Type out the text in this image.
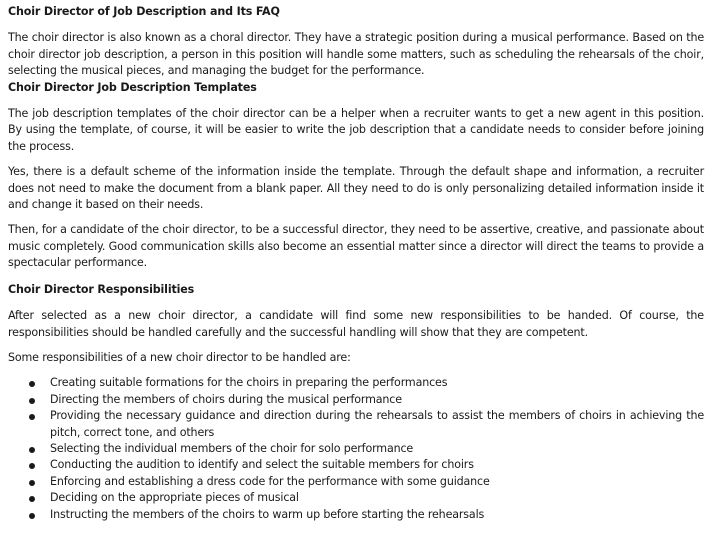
Choir Director of Job Description and Its FAQ

The choir director is also known as a choral director. They have a strategic position during a musical performance. Based on the choir director job description, a person in this position will handle some matters, such as scheduling the rehearsals of the choir, selecting the musical pieces, and managing the budget for the performance.

Choir Director Job Description Templates

The job description templates of the choir director can be a helper when a recruiter wants to get a new agent in this position. By using the template, of course, it will be easier to write the job description that a candidate needs to consider before joining the process.

Yes, there is a default scheme of the information inside the template. Through the default shape and information, a recruiter does not need to make the document from a blank paper. All they need to do is only personalizing detailed information inside it and change it based on their needs.

Then, for a candidate of the choir director, to be a successful director, they need to be assertive, creative, and passionate about music completely. Good communication skills also become an essential matter since a director will direct the teams to provide a spectacular performance.

Choir Director Responsibilities

After selected as a new choir director, a candidate will find some new responsibilities to be handed. Of course, the responsibilities should be handled carefully and the successful handling will show that they are competent.

Some responsibilities of a new choir director to be handled are:

Creating suitable formations for the choirs in preparing the performances
Directing the members of choirs during the musical performance
Providing the necessary guidance and direction during the rehearsals to assist the members of choirs in achieving the pitch, correct tone, and others
Selecting the individual members of the choir for solo performance
Conducting the audition to identify and select the suitable members for choirs
Enforcing and establishing a dress code for the performance with some guidance
Deciding on the appropriate pieces of musical
Instructing the members of the choirs to warm up before starting the rehearsals
